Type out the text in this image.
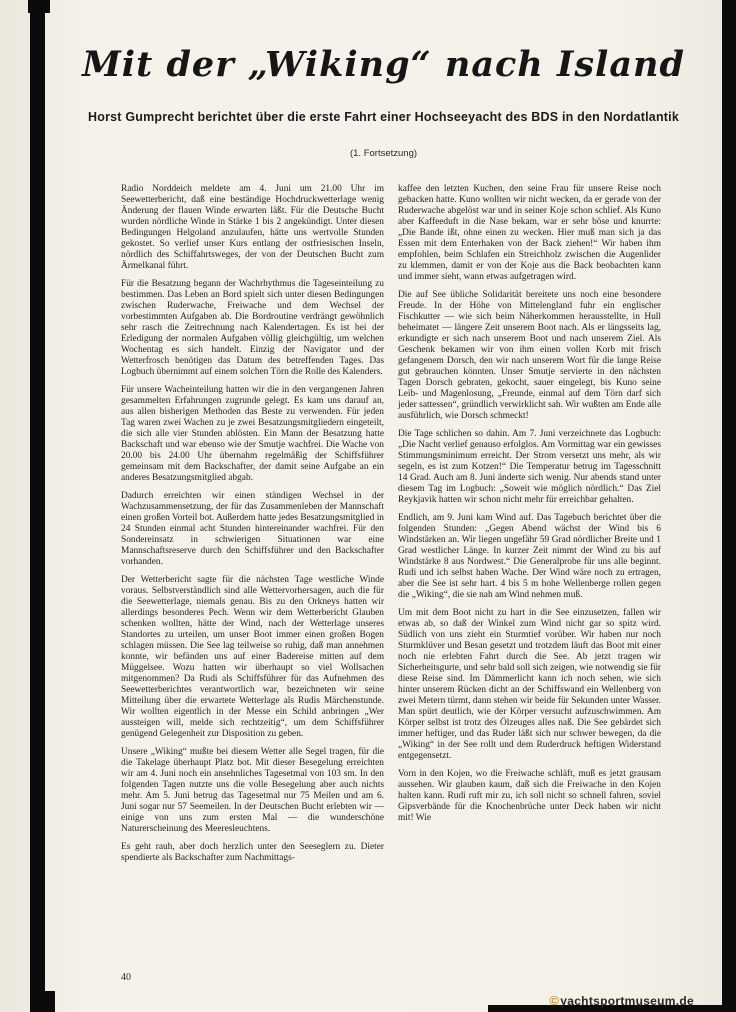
Mit der „Wiking“ nach Island
Horst Gumprecht berichtet über die erste Fahrt einer Hochseeyacht des BDS in den Nordatlantik
(1. Fortsetzung)

Radio Norddeich meldete am 4. Juni um 21.00 Uhr im Seewetterbericht, daß eine beständige Hochdruckwetterlage wenig Änderung der flauen Winde erwarten läßt. Für die Deutsche Bucht wurden nördliche Winde in Stärke 1 bis 2 angekündigt. Unter diesen Bedingungen Helgoland anzulaufen, hätte uns wertvolle Stunden gekostet. So verlief unser Kurs entlang der ostfriesischen Inseln, nördlich des Schiffahrtsweges, der von der Deutschen Bucht zum Ärmelkanal führt.

Für die Besatzung begann der Wachrhythmus die Tageseinteilung zu bestimmen. Das Leben an Bord spielt sich unter diesen Bedingungen zwischen Ruderwache, Freiwache und dem Wechsel der vorbestimmten Aufgaben ab. Die Bordroutine verdrängt gewöhnlich sehr rasch die Zeitrechnung nach Kalendertagen. Es ist bei der Erledigung der normalen Aufgaben völlig gleichgültig, um welchen Wochentag es sich handelt. Einzig der Navigator und der Wetterfrosch benötigen das Datum des betreffenden Tages. Das Logbuch übernimmt auf einem solchen Törn die Rolle des Kalenders.

Für unsere Wacheinteilung hatten wir die in den vergangenen Jahren gesammelten Erfahrungen zugrunde gelegt. Es kam uns darauf an, aus allen bisherigen Methoden das Beste zu verwenden. Für jeden Tag waren zwei Wachen zu je zwei Besatzungsmitgliedern eingeteilt, die sich alle vier Stunden ablösten. Ein Mann der Besatzung hatte Backschaft und war ebenso wie der Smutje wachfrei. Die Wache von 20.00 bis 24.00 Uhr übernahm regelmäßig der Schiffsführer gemeinsam mit dem Backschafter, der damit seine Aufgabe an ein anderes Besatzungsmitglied abgab.

Dadurch erreichten wir einen ständigen Wechsel in der Wachzusammensetzung, der für das Zusammenleben der Mannschaft einen großen Vorteil bot. Außerdem hatte jedes Besatzungsmitglied in 24 Stunden einmal acht Stunden hintereinander wachfrei. Für den Sondereinsatz in schwierigen Situationen war eine Mannschaftsreserve durch den Schiffsführer und den Backschafter vorhanden.

Der Wetterbericht sagte für die nächsten Tage westliche Winde voraus. Selbstverständlich sind alle Wettervorhersagen, auch die für die Seewetterlage, niemals genau. Bis zu den Orkneys hatten wir allerdings besonderes Pech. Wenn wir dem Wetterbericht Glauben schenken wollten, hätte der Wind, nach der Wetterlage unseres Standortes zu urteilen, um unser Boot immer einen großen Bogen schlagen müssen. Die See lag teilweise so ruhig, daß man annehmen konnte, wir befänden uns auf einer Badereise mitten auf dem Müggelsee. Wozu hatten wir überhaupt so viel Wollsachen mitgenommen? Da Rudi als Schiffsführer für das Aufnehmen des Seewetterberichtes verantwortlich war, bezeichneten wir seine Mitteilung über die erwartete Wetterlage als Rudis Märchenstunde. Wir wollten eigentlich in der Messe ein Schild anbringen „Wer aussteigen will, melde sich rechtzeitig“, um dem Schiffsführer genügend Gelegenheit zur Disposition zu geben.

Unsere „Wiking“ mußte bei diesem Wetter alle Segel tragen, für die die Takelage überhaupt Platz bot. Mit dieser Besegelung erreichten wir am 4. Juni noch ein ansehnliches Tagesetmal von 103 sm. In den folgenden Tagen nutzte uns die volle Besegelung aber auch nichts mehr. Am 5. Juni betrug das Tagesetmal nur 75 Meilen und am 6. Juni sogar nur 57 Seemeilen. In der Deutschen Bucht erlebten wir — einige von uns zum ersten Mal — die wunderschöne Naturerscheinung des Meeresleuchtens.

Es geht rauh, aber doch herzlich unter den Seeseglern zu. Dieter spendierte als Backschafter zum Nachmittags-

kaffee den letzten Kuchen, den seine Frau für unsere Reise noch gebacken hatte. Kuno wollten wir nicht wecken, da er gerade von der Ruderwache abgelöst war und in seiner Koje schon schlief. Als Kuno aber Kaffeeduft in die Nase bekam, war er sehr böse und knurrte: „Die Bande ißt, ohne einen zu wecken. Hier muß man sich ja das Essen mit dem Enterhaken von der Back ziehen!“ Wir haben ihm empfohlen, beim Schlafen ein Streichholz zwischen die Augenlider zu klemmen, damit er von der Koje aus die Back beobachten kann und immer sieht, wann etwas aufgetragen wird.

Die auf See übliche Solidarität bereitete uns noch eine besondere Freude. In der Höhe von Mittelengland fuhr ein englischer Fischkutter — wie sich beim Näherkommen herausstellte, in Hull beheimatet — längere Zeit unserem Boot nach. Als er längsseits lag, erkundigte er sich nach unserem Boot und nach unserem Ziel. Als Geschenk bekamen wir von ihm einen vollen Korb mit frisch gefangenem Dorsch, den wir nach unserem Wort für die lange Reise gut gebrauchen könnten. Unser Smutje servierte in den nächsten Tagen Dorsch gebraten, gekocht, sauer eingelegt, bis Kuno seine Leib- und Magenlosung, „Freunde, einmal auf dem Törn darf sich jeder sattessen“, gründlich verwirklicht sah. Wir wußten am Ende alle ausführlich, wie Dorsch schmeckt!

Die Tage schlichen so dahin. Am 7. Juni verzeichnete das Logbuch: „Die Nacht verlief genauso erfolglos. Am Vormittag war ein gewisses Stimmungsminimum erreicht. Der Strom versetzt uns mehr, als wir segeln, es ist zum Kotzen!“ Die Temperatur betrug im Tagesschnitt 14 Grad. Auch am 8. Juni änderte sich wenig. Nur abends stand unter diesem Tag im Logbuch: „Soweit wie möglich nördlich.“ Das Ziel Reykjavik hatten wir schon nicht mehr für erreichbar gehalten.

Endlich, am 9. Juni kam Wind auf. Das Tagebuch berichtet über die folgenden Stunden: „Gegen Abend wächst der Wind bis 6 Windstärken an. Wir liegen ungefähr 59 Grad nördlicher Breite und 1 Grad westlicher Länge. In kurzer Zeit nimmt der Wind zu bis auf Windstärke 8 aus Nordwest.“ Die Generalprobe für uns alle beginnt. Rudi und ich selbst haben Wache. Der Wind wäre noch zu ertragen, aber die See ist sehr hart. 4 bis 5 m hohe Wellenberge rollen gegen die „Wiking“, die sie nah am Wind nehmen muß.

Um mit dem Boot nicht zu hart in die See einzusetzen, fallen wir etwas ab, so daß der Winkel zum Wind nicht gar so spitz wird. Südlich von uns zieht ein Sturmtief vorüber. Wir haben nur noch Sturmklüver und Besan gesetzt und trotzdem läuft das Boot mit einer noch nie erlebten Fahrt durch die See. Ab jetzt tragen wir Sicherheitsgurte, und sehr bald soll sich zeigen, wie notwendig sie für diese Reise sind. Im Dämmerlicht kann ich noch sehen, wie sich hinter unserem Rücken dicht an der Schiffswand ein Wellenberg von zwei Metern türmt, dann stehen wir beide für Sekunden unter Wasser. Man spürt deutlich, wie der Körper versucht aufzuschwimmen. Am Körper selbst ist trotz des Ölzeuges alles naß. Die See gebärdet sich immer heftiger, und das Ruder läßt sich nur schwer bewegen, da die „Wiking“ in der See rollt und dem Ruderdruck heftigen Widerstand entgegensetzt.

Vorn in den Kojen, wo die Freiwache schläft, muß es jetzt grausam aussehen. Wir glauben kaum, daß sich die Freiwache in den Kojen halten kann. Rudi ruft mir zu, ich soll nicht so schnell fahren, soviel Gipsverbände für die Knochenbrüche unter Deck haben wir nicht mit! Wie

40
©yachtsportmuseum.de
